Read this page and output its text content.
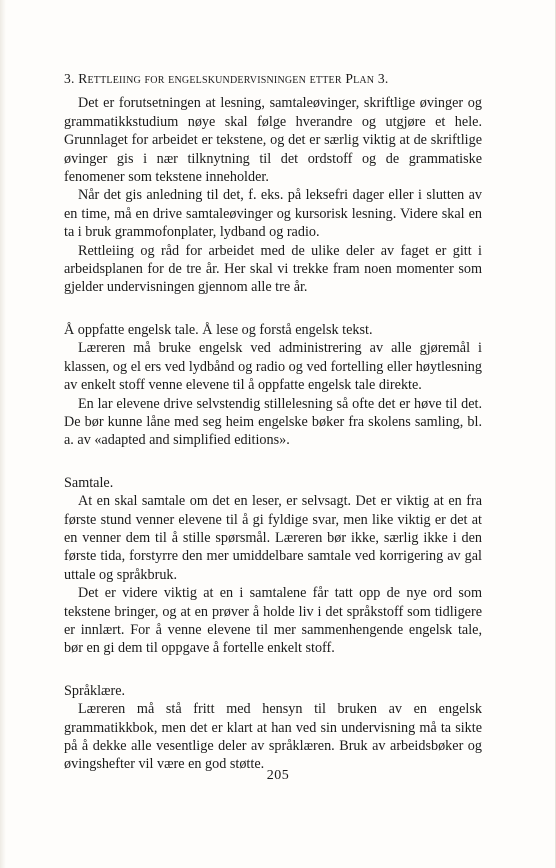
3. Rettleiing for engelskundervisningen etter Plan 3.

Det er forutsetningen at lesning, samtaleøvinger, skriftlige øvinger og grammatikkstudium nøye skal følge hverandre og utgjøre et hele. Grunnlaget for arbeidet er tekstene, og det er særlig viktig at de skriftlige øvinger gis i nær tilknytning til det ordstoff og de grammatiske fenomener som tekstene inneholder.

Når det gis anledning til det, f. eks. på leksefri dager eller i slutten av en time, må en drive samtaleøvinger og kursorisk lesning. Videre skal en ta i bruk grammofonplater, lydband og radio.

Rettleiing og råd for arbeidet med de ulike deler av faget er gitt i arbeidsplanen for de tre år. Her skal vi trekke fram noen momenter som gjelder undervisningen gjennom alle tre år.

Å oppfatte engelsk tale. Å lese og forstå engelsk tekst.

Læreren må bruke engelsk ved administrering av alle gjøremål i klassen, og el ers ved lydbånd og radio og ved fortelling eller høytlesning av enkelt stoff venne elevene til å oppfatte engelsk tale direkte.

En lar elevene drive selvstendig stillelesning så ofte det er høve til det. De bør kunne låne med seg heim engelske bøker fra skolens samling, bl. a. av «adapted and simplified editions».

Samtale.

At en skal samtale om det en leser, er selvsagt. Det er viktig at en fra første stund venner elevene til å gi fyldige svar, men like viktig er det at en venner dem til å stille spørsmål. Læreren bør ikke, særlig ikke i den første tida, forstyrre den mer umiddelbare samtale ved korrigering av gal uttale og språkbruk.

Det er videre viktig at en i samtalene får tatt opp de nye ord som tekstene bringer, og at en prøver å holde liv i det språkstoff som tidligere er innlært. For å venne elevene til mer sammenhengende engelsk tale, bør en gi dem til oppgave å fortelle enkelt stoff.

Språklære.

Læreren må stå fritt med hensyn til bruken av en engelsk grammatikkbok, men det er klart at han ved sin undervisning må ta sikte på å dekke alle vesentlige deler av språklæren. Bruk av arbeidsbøker og øvingshefter vil være en god støtte.

205
